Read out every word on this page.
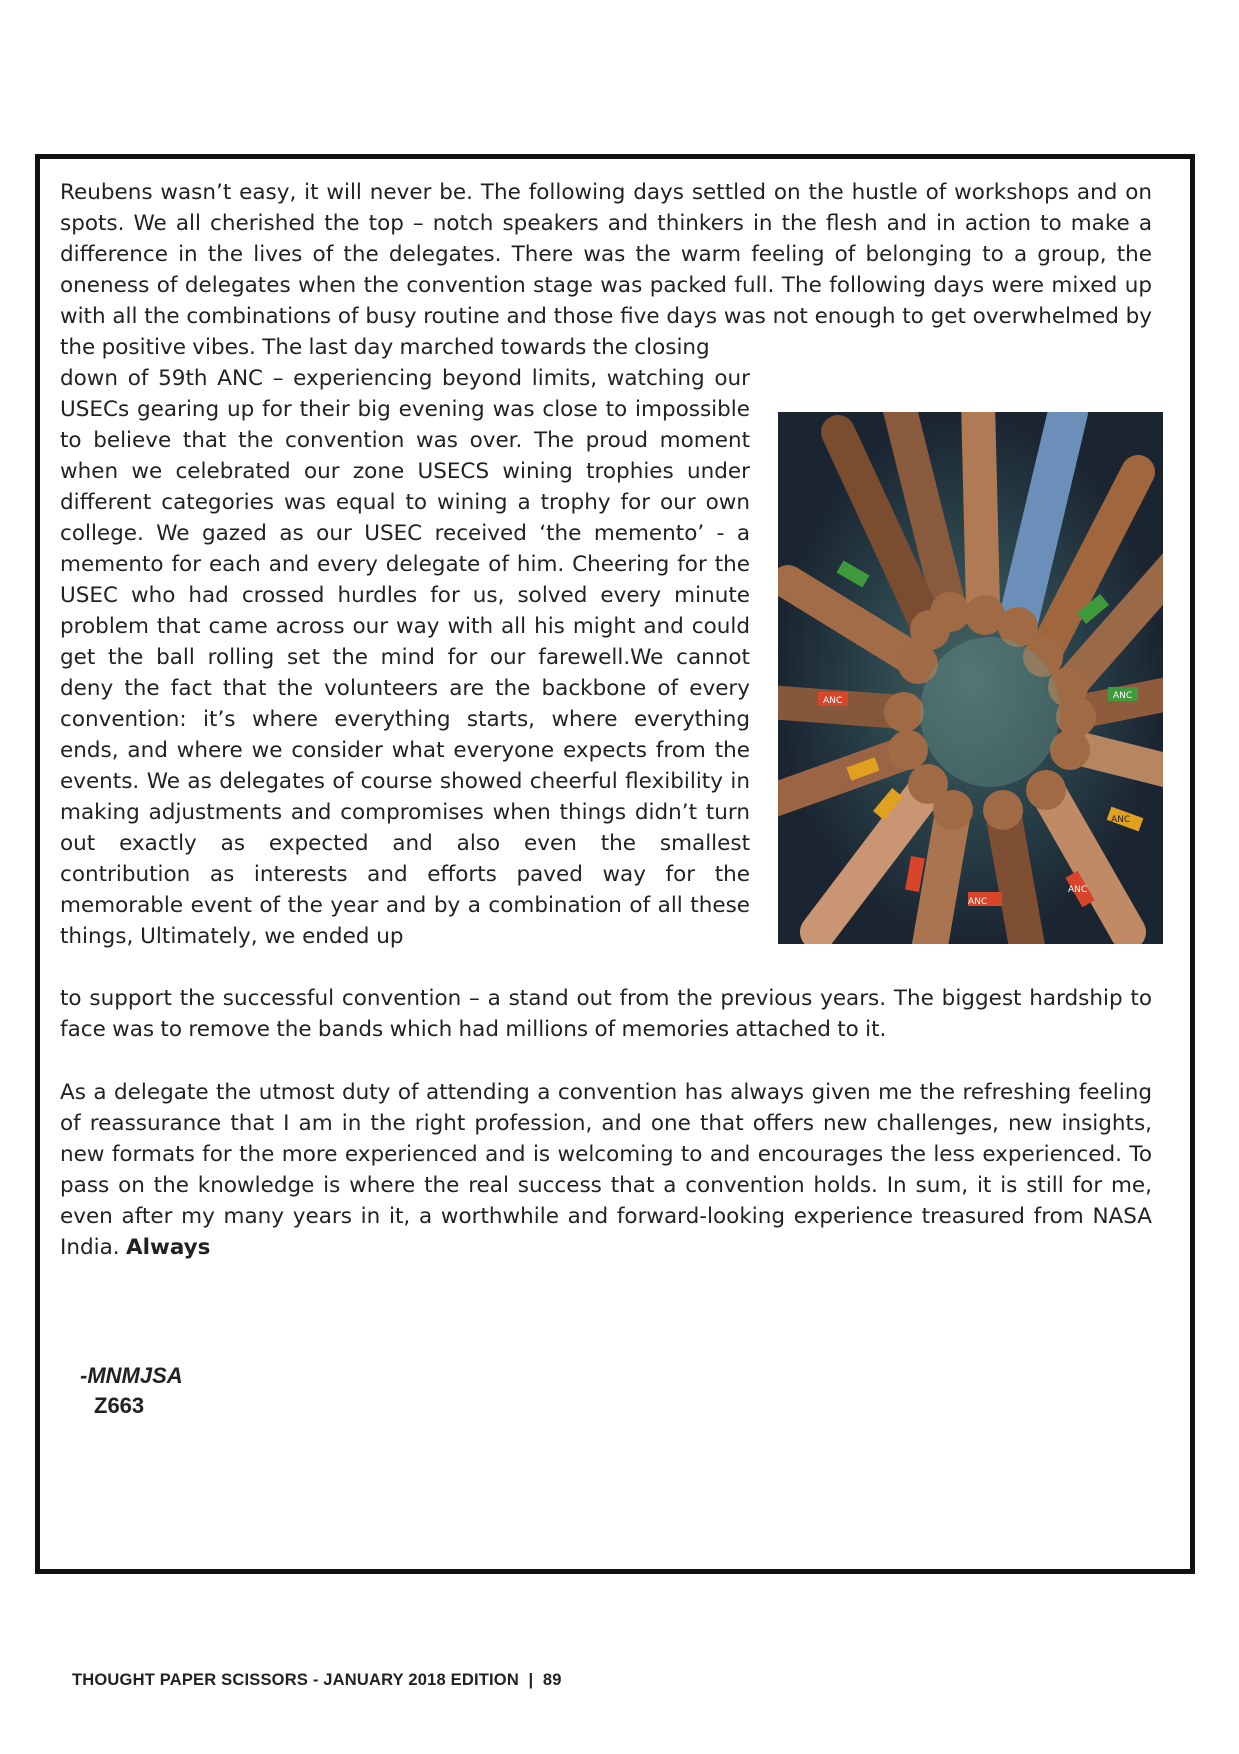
Reubens wasn’t easy, it will never be. The following days settled on the hustle of workshops and on spots. We all cherished the top – notch speakers and thinkers in the flesh and in action to make a difference in the lives of the delegates. There was the warm feeling of belonging to a group, the oneness of delegates when the convention stage was packed full. The following days were mixed up with all the combinations of busy routine and those five days was not enough to get overwhelmed by the positive vibes. The last day marched towards the closing

down of 59th ANC – experiencing beyond limits, watching our USECs gearing up for their big evening was close to impossible to believe that the convention was over. The proud moment when we celebrated our zone USECS wining trophies under different categories was equal to wining a trophy for our own college. We gazed as our USEC received ‘the memento’ - a memento for each and every delegate of him. Cheering for the USEC who had crossed hurdles for us, solved every minute problem that came across our way with all his might and could get the ball rolling set the mind for our farewell.We cannot deny the fact that the volunteers are the backbone of every convention: it’s where everything starts, where everything ends, and where we consider what everyone expects from the events. We as delegates of course showed cheerful flexibility in making adjustments and compromises when things didn’t turn out exactly as expected and also even the smallest contribution as interests and efforts paved way for the memorable event of the year and by a combination of all these things, Ultimately, we ended up

ANC
ANC	ANC
ANC
ANC

to support the successful convention – a stand out from the previous years. The biggest hardship to face was to remove the bands which had millions of memories attached to it.

As a delegate the utmost duty of attending a convention has always given me the refreshing feeling of reassurance that I am in the right profession, and one that offers new challenges, new insights, new formats for the more experienced and is welcoming to and encourages the less experienced. To pass on the knowledge is where the real success that a convention holds. In sum, it is still for me, even after my many years in it, a worthwhile and forward-looking experience treasured from NASA India. Always

-MNMJSA
Z663
THOUGHT PAPER SCISSORS - JANUARY 2018 EDITION  |  89
